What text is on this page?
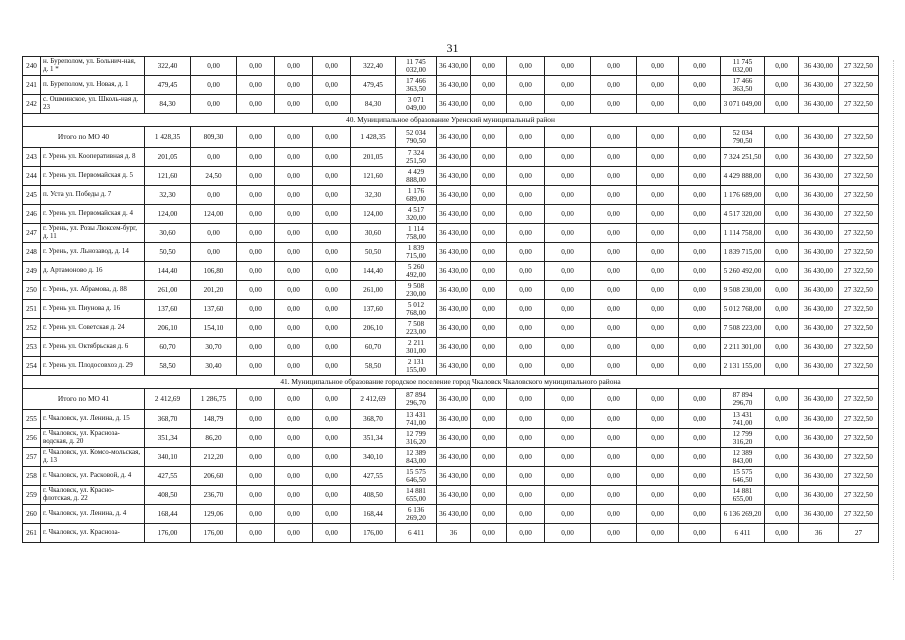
31
240	н. Буреполом, ул. Больнич-ная, д. 1 *	322,40	0,00	0,00	0,00	0,00	322,40	11 745 032,00	36 430,00	0,00	0,00	0,00	0,00	0,00	0,00	11 745 032,00	0,00	36 430,00	27 322,50
241	п. Буреполом, ул. Новая, д. 1	479,45	0,00	0,00	0,00	0,00	479,45	17 466 363,50	36 430,00	0,00	0,00	0,00	0,00	0,00	0,00	17 466 363,50	0,00	36 430,00	27 322,50
242	с. Ошминское, ул. Школь-ная д. 23	84,30	0,00	0,00	0,00	0,00	84,30	3 071 049,00	36 430,00	0,00	0,00	0,00	0,00	0,00	0,00	3 071 049,00	0,00	36 430,00	27 322,50
40. Муниципальное образование Уренский муниципальный район																			
Итого по МО 40		1 428,35	809,30	0,00	0,00	0,00	1 428,35	52 034 790,50	36 430,00	0,00	0,00	0,00	0,00	0,00	0,00	52 034 790,50	0,00	36 430,00	27 322,50
243	г. Урень ул. Кооперативная д. 8	201,05	0,00	0,00	0,00	0,00	201,05	7 324 251,50	36 430,00	0,00	0,00	0,00	0,00	0,00	0,00	7 324 251,50	0,00	36 430,00	27 322,50
244	г. Урень ул. Первомайская д. 5	121,60	24,50	0,00	0,00	0,00	121,60	4 429 888,00	36 430,00	0,00	0,00	0,00	0,00	0,00	0,00	4 429 888,00	0,00	36 430,00	27 322,50
245	п. Уста ул. Победы д. 7	32,30	0,00	0,00	0,00	0,00	32,30	1 176 689,00	36 430,00	0,00	0,00	0,00	0,00	0,00	0,00	1 176 689,00	0,00	36 430,00	27 322,50
246	г. Урень ул. Первомайская д. 4	124,00	124,00	0,00	0,00	0,00	124,00	4 517 320,00	36 430,00	0,00	0,00	0,00	0,00	0,00	0,00	4 517 320,00	0,00	36 430,00	27 322,50
247	г. Урень, ул. Розы Люксем-бург, д. 11	30,60	0,00	0,00	0,00	0,00	30,60	1 114 758,00	36 430,00	0,00	0,00	0,00	0,00	0,00	0,00	1 114 758,00	0,00	36 430,00	27 322,50
248	г. Урень, ул. Льнозавод, д. 14	50,50	0,00	0,00	0,00	0,00	50,50	1 839 715,00	36 430,00	0,00	0,00	0,00	0,00	0,00	0,00	1 839 715,00	0,00	36 430,00	27 322,50
249	д. Артамоново д. 16	144,40	106,80	0,00	0,00	0,00	144,40	5 260 492,00	36 430,00	0,00	0,00	0,00	0,00	0,00	0,00	5 260 492,00	0,00	36 430,00	27 322,50
250	г. Урень, ул. Абрамова, д. 88	261,00	201,20	0,00	0,00	0,00	261,00	9 508 230,00	36 430,00	0,00	0,00	0,00	0,00	0,00	0,00	9 508 230,00	0,00	36 430,00	27 322,50
251	г. Урень ул. Пиунова д. 16	137,60	137,60	0,00	0,00	0,00	137,60	5 012 768,00	36 430,00	0,00	0,00	0,00	0,00	0,00	0,00	5 012 768,00	0,00	36 430,00	27 322,50
252	г. Урень ул. Советская д. 24	206,10	154,10	0,00	0,00	0,00	206,10	7 508 223,00	36 430,00	0,00	0,00	0,00	0,00	0,00	0,00	7 508 223,00	0,00	36 430,00	27 322,50
253	г. Урень ул. Октябрьская д. 6	60,70	30,70	0,00	0,00	0,00	60,70	2 211 301,00	36 430,00	0,00	0,00	0,00	0,00	0,00	0,00	2 211 301,00	0,00	36 430,00	27 322,50
254	г. Урень ул. Плодосовхоз д. 29	58,50	30,40	0,00	0,00	0,00	58,50	2 131 155,00	36 430,00	0,00	0,00	0,00	0,00	0,00	0,00	2 131 155,00	0,00	36 430,00	27 322,50
41. Муниципальное образование городское поселение город Чкаловск Чкаловского муниципального района																			
Итого по МО 41		2 412,69	1 286,75	0,00	0,00	0,00	2 412,69	87 894 296,70	36 430,00	0,00	0,00	0,00	0,00	0,00	0,00	87 894 296,70	0,00	36 430,00	27 322,50
255	г. Чкаловск, ул. Ленина, д. 15	368,70	148,79	0,00	0,00	0,00	368,70	13 431 741,00	36 430,00	0,00	0,00	0,00	0,00	0,00	0,00	13 431 741,00	0,00	36 430,00	27 322,50
256	г. Чкаловск, ул. Красноза-водская, д. 20	351,34	86,20	0,00	0,00	0,00	351,34	12 799 316,20	36 430,00	0,00	0,00	0,00	0,00	0,00	0,00	12 799 316,20	0,00	36 430,00	27 322,50
257	г. Чкаловск, ул. Комсо-мольская, д. 13	340,10	212,20	0,00	0,00	0,00	340,10	12 389 843,00	36 430,00	0,00	0,00	0,00	0,00	0,00	0,00	12 389 843,00	0,00	36 430,00	27 322,50
258	г. Чкаловск, ул. Расковой, д. 4	427,55	206,60	0,00	0,00	0,00	427,55	15 575 646,50	36 430,00	0,00	0,00	0,00	0,00	0,00	0,00	15 575 646,50	0,00	36 430,00	27 322,50
259	г. Чкаловск, ул. Красно-флотская, д. 22	408,50	236,70	0,00	0,00	0,00	408,50	14 881 655,00	36 430,00	0,00	0,00	0,00	0,00	0,00	0,00	14 881 655,00	0,00	36 430,00	27 322,50
260	г. Чкаловск, ул. Ленина, д. 4	168,44	129,06	0,00	0,00	0,00	168,44	6 136 269,20	36 430,00	0,00	0,00	0,00	0,00	0,00	0,00	6 136 269,20	0,00	36 430,00	27 322,50
261	г. Чкаловск, ул. Красноза-	176,00	176,00	0,00	0,00	0,00	176,00	6 411	36	0,00	0,00	0,00	0,00	0,00	0,00	6 411	0,00	36	27
